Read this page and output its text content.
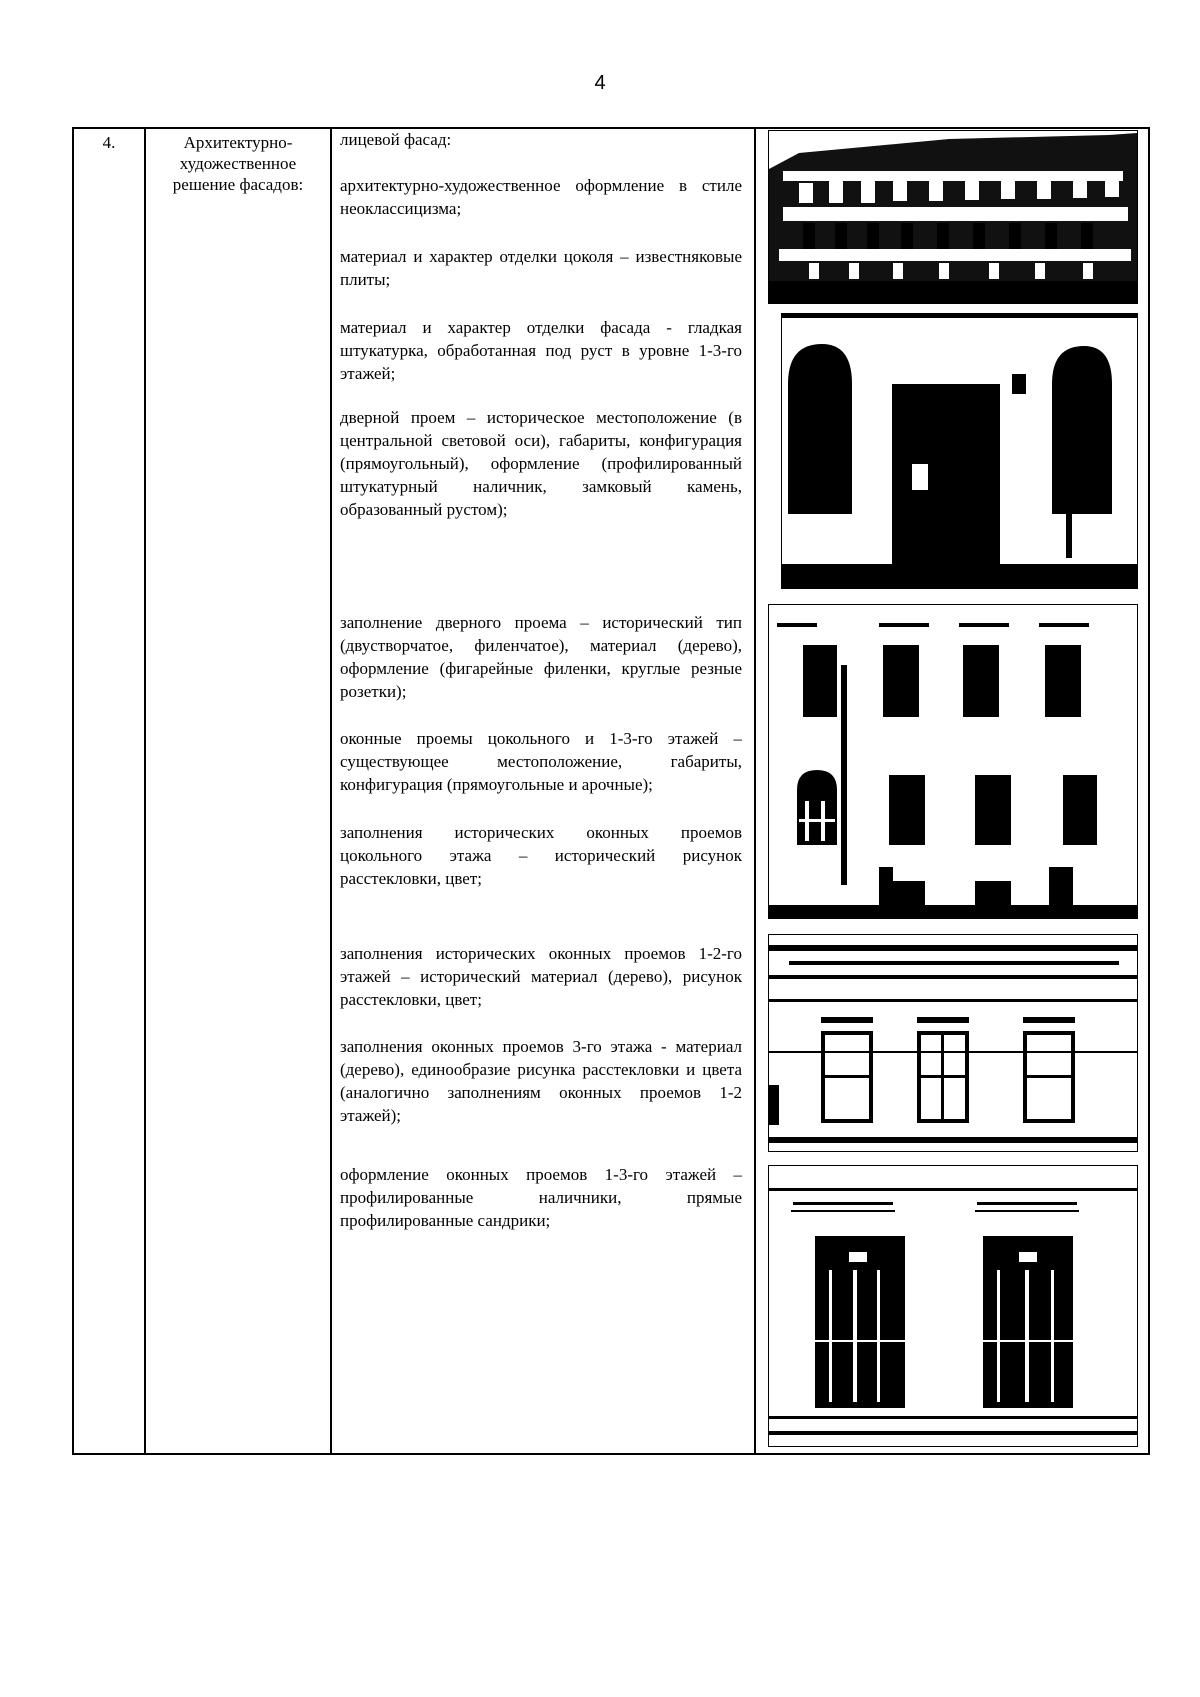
4
4.	Архитектурно-
художественное
решение фасадов:

лицевой фасад:
архитектурно-художественное оформление в стиле неоклассицизма;
материал и характер отделки цоколя – известняковые плиты;
материал и характер отделки фасада - гладкая штукатурка, обработанная под руст в уровне 1-3-го этажей;
дверной проем – историческое местоположение (в центральной световой оси), габариты, конфигурация (прямоугольный), оформление (профилированный штукатурный наличник, замковый камень, образованный рустом);
заполнение дверного проема – исторический тип (двустворчатое, филенчатое), материал (дерево), оформление (фигарейные филенки, круглые резные розетки);
оконные проемы цокольного и 1-3-го этажей – существующее местоположение, габариты, конфигурация (прямоугольные и арочные);
заполнения исторических оконных проемов цокольного этажа – исторический рисунок расстекловки, цвет;
заполнения исторических оконных проемов 1-2-го этажей – исторический материал (дерево), рисунок расстекловки, цвет;
заполнения оконных проемов 3-го этажа - материал (дерево), единообразие рисунка расстекловки и цвета (аналогично заполнениям оконных проемов 1-2 этажей);
оформление оконных проемов 1-3-го этажей – профилированные наличники, прямые профилированные сандрики;
